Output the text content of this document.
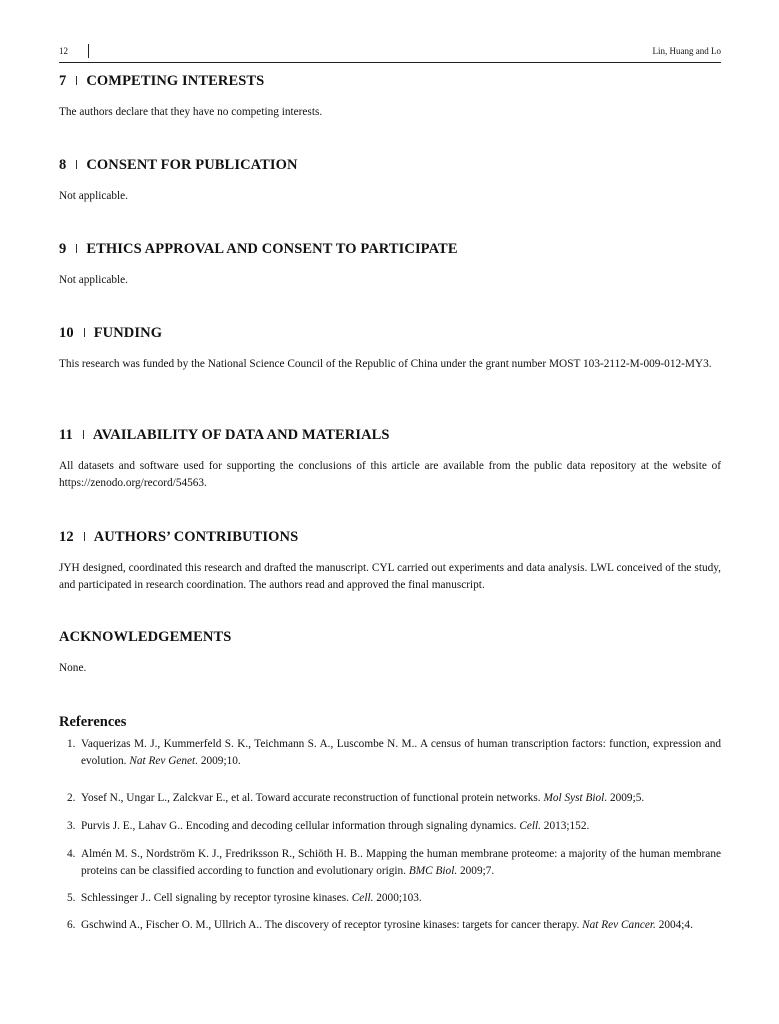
12	Lin, Huang and Lo
7 COMPETING INTERESTS
The authors declare that they have no competing interests.
8 CONSENT FOR PUBLICATION
Not applicable.
9 ETHICS APPROVAL AND CONSENT TO PARTICIPATE
Not applicable.
10 FUNDING
This research was funded by the National Science Council of the Republic of China under the grant number MOST 103-2112-M-009-012-MY3.
11 AVAILABILITY OF DATA AND MATERIALS
All datasets and software used for supporting the conclusions of this article are available from the public data repository at the website of https://zenodo.org/record/54563.
12 AUTHORS’ CONTRIBUTIONS
JYH designed, coordinated this research and drafted the manuscript. CYL carried out experiments and data analysis. LWL conceived of the study, and participated in research coordination. The authors read and approved the final manuscript.
ACKNOWLEDGEMENTS
None.
References
1. Vaquerizas M. J., Kummerfeld S. K., Teichmann S. A., Luscombe N. M.. A census of human transcription factors: function, expression and evolution. Nat Rev Genet. 2009;10.
2. Yosef N., Ungar L., Zalckvar E., et al. Toward accurate reconstruction of functional protein networks. Mol Syst Biol. 2009;5.
3. Purvis J. E., Lahav G.. Encoding and decoding cellular information through signaling dynamics. Cell. 2013;152.
4. Almén M. S., Nordström K. J., Fredriksson R., Schiöth H. B.. Mapping the human membrane proteome: a majority of the human membrane proteins can be classified according to function and evolutionary origin. BMC Biol. 2009;7.
5. Schlessinger J.. Cell signaling by receptor tyrosine kinases. Cell. 2000;103.
6. Gschwind A., Fischer O. M., Ullrich A.. The discovery of receptor tyrosine kinases: targets for cancer therapy. Nat Rev Cancer. 2004;4.
